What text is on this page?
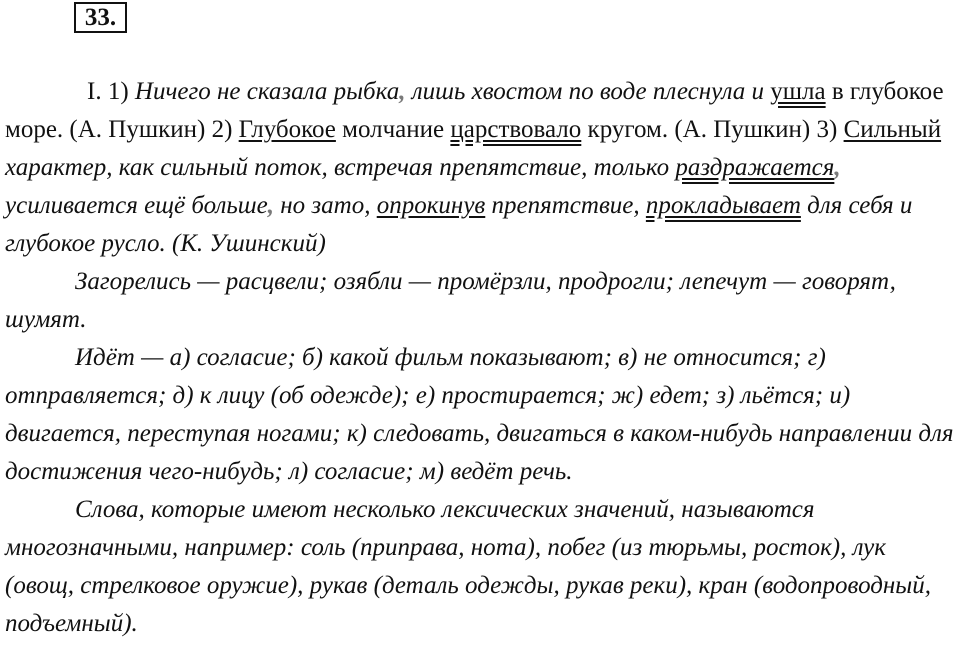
33.

I. 1) Ничего не сказала рыбка, лишь хвостом по воде плеснула и ушла в глубокое море. (А. Пушкин) 2) Глубокое молчание царствовало кругом. (А. Пушкин) 3) Сильный характер, как сильный поток, встречая препятствие, только раздражается, усиливается ещё больше, но зато, опрокинув препятствие, прокладывает для себя и глубокое русло. (К. Ушинский)

Загорелись — расцвели; озябли — промёрзли, продрогли; лепечут — говорят, шумят.

Идёт — а) согласие; б) какой фильм показывают; в) не относится; г) отправляется; д) к лицу (об одежде); е) простирается; ж) едет; з) льётся; и) двигается, переступая ногами; к) следовать, двигаться в каком-нибудь направлении для достижения чего-нибудь; л) согласие; м) ведёт речь.

Слова, которые имеют несколько лексических значений, называются многозначными, например: соль (приправа, нота), побег (из тюрьмы, росток), лук (овощ, стрелковое оружие), рукав (деталь одежды, рукав реки), кран (водопроводный, подъемный).
